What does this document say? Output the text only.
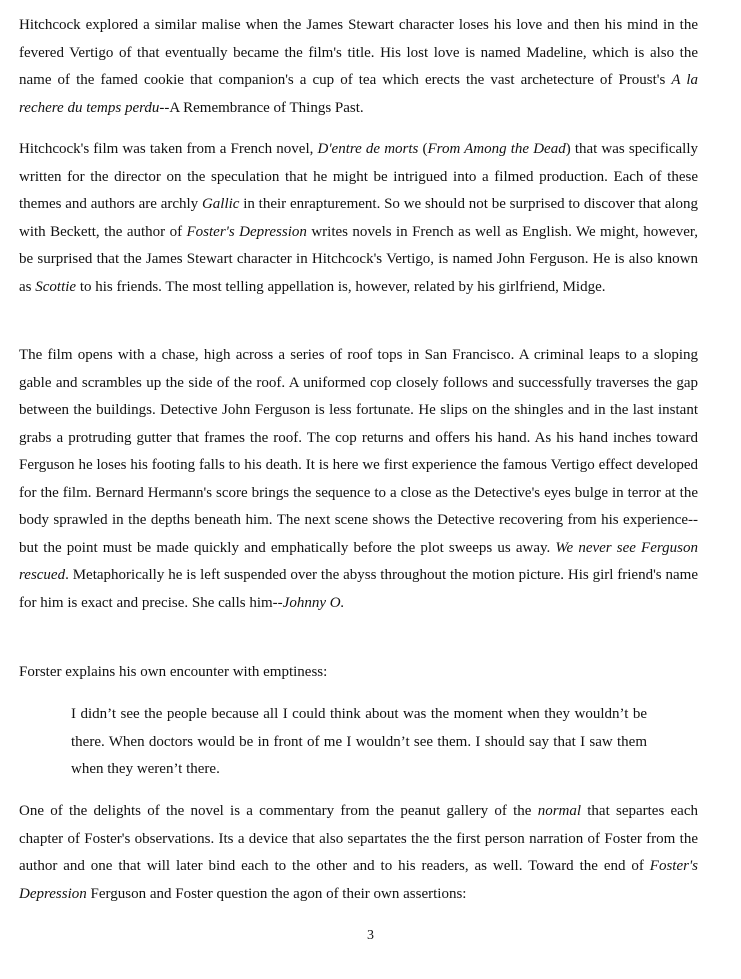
Hitchcock explored a similar malise when the James Stewart character loses his love and then his mind in the fevered Vertigo of that eventually became the film's title. His lost love is named Madeline, which is also the name of the famed cookie that companion's a cup of tea which erects the vast archetecture of Proust's A la rechere du temps perdu--A Remembrance of Things Past.

Hitchcock's film was taken from a French novel, D'entre de morts (From Among the Dead) that was specifically written for the director on the speculation that he might be intrigued into a filmed production. Each of these themes and authors are archly Gallic in their enrapturement. So we should not be surprised to discover that along with Beckett, the author of Foster's Depression writes novels in French as well as English. We might, however, be surprised that the James Stewart character in Hitchcock's Vertigo, is named John Ferguson. He is also known as Scottie to his friends. The most telling appellation is, however, related by his girlfriend, Midge.

The film opens with a chase, high across a series of roof tops in San Francisco. A criminal leaps to a sloping gable and scrambles up the side of the roof. A uniformed cop closely follows and successfully traverses the gap between the buildings. Detective John Ferguson is less fortunate. He slips on the shingles and in the last instant grabs a protruding gutter that frames the roof. The cop returns and offers his hand. As his hand inches toward Ferguson he loses his footing falls to his death. It is here we first experience the famous Vertigo effect developed for the film. Bernard Hermann's score brings the sequence to a close as the Detective's eyes bulge in terror at the body sprawled in the depths beneath him. The next scene shows the Detective recovering from his experience--but the point must be made quickly and emphatically before the plot sweeps us away. We never see Ferguson rescued. Metaphorically he is left suspended over the abyss throughout the motion picture. His girl friend's name for him is exact and precise. She calls him--Johnny O.

Forster explains his own encounter with emptiness:

I didn’t see the people because all I could think about was the moment when they wouldn’t be there. When doctors would be in front of me I wouldn’t see them. I should say that I saw them when they weren’t there.

One of the delights of the novel is a commentary from the peanut gallery of the normal that separtes each chapter of Foster's observations. Its a device that also separtates the the first person narration of Foster from the author and one that will later bind each to the other and to his readers, as well. Toward the end of Foster's Depression Ferguson and Foster question the agon of their own assertions:

3
